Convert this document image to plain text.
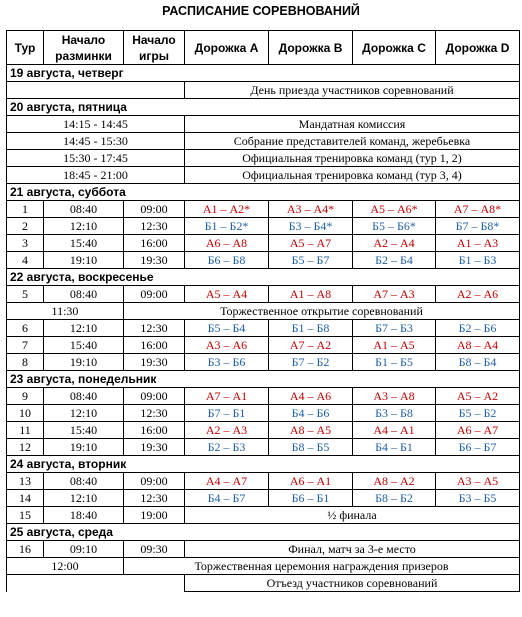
РАСПИСАНИЕ СОРЕВНОВАНИЙ
Тур	Начало разминки	Начало игры	Дорожка A	Дорожка B	Дорожка C	Дорожка D
19 августа, четверг						
			День приезда участников соревнований			
20 августа, пятница						
14:15 - 14:45			Мандатная комиссия			
14:45 - 15:30			Собрание представителей команд, жеребьевка			
15:30 - 17:45			Официальная тренировка команд (тур 1, 2)			
18:45 - 21:00			Официальная тренировка команд (тур 3, 4)			
21 августа, суббота						
1	08:40	09:00	А1 – А2*	А3 – А4*	А5 – А6*	А7 – А8*
2	12:10	12:30	Б1 – Б2*	Б3 – Б4*	Б5 – Б6*	Б7 – Б8*
3	15:40	16:00	А6 – А8	А5 – А7	А2 – А4	А1 – А3
4	19:10	19:30	Б6 – Б8	Б5 – Б7	Б2 – Б4	Б1 – Б3
22 августа, воскресенье						
5	08:40	09:00	А5 – А4	А1 – А8	А7 – А3	А2 – А6
11:30		Торжественное открытие соревнований				
6	12:10	12:30	Б5 – Б4	Б1 – Б8	Б7 – Б3	Б2 – Б6
7	15:40	16:00	А3 – А6	А7 – А2	А1 – А5	А8 – А4
8	19:10	19:30	Б3 – Б6	Б7 – Б2	Б1 – Б5	Б8 – Б4
23 августа, понедельник						
9	08:40	09:00	А7 – А1	А4 – А6	А3 – А8	А5 – А2
10	12:10	12:30	Б7 – Б1	Б4 – Б6	Б3 – Б8	Б5 – Б2
11	15:40	16:00	А2 – А3	А8 – А5	А4 – А1	А6 – А7
12	19:10	19:30	Б2 – Б3	Б8 – Б5	Б4 – Б1	Б6 – Б7
24 августа, вторник						
13	08:40	09:00	А4 – А7	А6 – А1	А8 – А2	А3 – А5
14	12:10	12:30	Б4 – Б7	Б6 – Б1	Б8 – Б2	Б3 – Б5
15	18:40	19:00	½ финала			
25 августа, среда						
16	09:10	09:30	Финал, матч за 3-е место			
12:00		Торжественная церемония награждения призеров				
			Отъезд участников соревнований			
